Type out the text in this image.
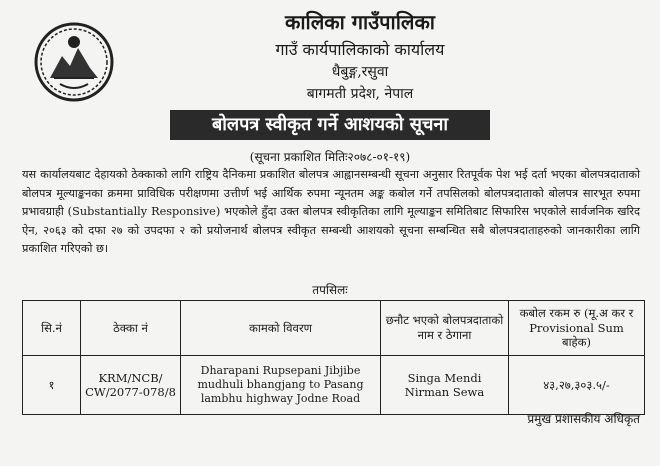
कालिका गाउँपालिका
गाउँ कार्यपालिकाको कार्यालय
धैबुङ्ग,रसुवा
बागमती प्रदेश, नेपाल
बोलपत्र स्वीकृत गर्ने आशयको सूचना
(सूचना प्रकाशित मितिः२०७८-०१-१९)
यस कार्यालयबाट देहायको ठेक्काको लागि राष्ट्रिय दैनिकमा प्रकाशित बोलपत्र आह्वानसम्बन्धी सूचना अनुसार रितपूर्वक पेश भई दर्ता भएका बोलपत्रदाताको बोलपत्र मूल्याङ्कनका क्रममा प्राविधिक परीक्षणमा उत्तीर्ण भई आर्थिक रुपमा न्यूनतम अङ्क कबोल गर्ने तपसिलको बोलपत्रदाताको बोलपत्र सारभूत रुपमा प्रभावग्राही (Substantially Responsive) भएकोले हुँदा उक्त बोलपत्र स्वीकृतिका लागि मूल्याङ्कन समितिबाट सिफारिस भएकोले सार्वजनिक खरिद ऐन, २०६३ को दफा २७ को उपदफा २ को प्रयोजनार्थ बोलपत्र स्वीकृत सम्बन्धी आशयको सूचना सम्बन्धित सबै बोलपत्रदाताहरुको जानकारीका लागि प्रकाशित गरिएको छ।
तपसिलः
सि.नं	ठेक्का नं	कामको विवरण	छनौट भएको बोलपत्रदाताको नाम र ठेगाना	कबोल रकम रु (मू.अ कर र Provisional Sum बाहेक)
१	KRM/NCB/ CW/2077-078/8	Dharapani Rupsepani Jibjibe mudhuli bhangjang to Pasang lambhu highway Jodne Road	Singa Mendi Nirman Sewa	४३,२७,३०३.५/-
प्रमुख प्रशासकीय अधिकृत
